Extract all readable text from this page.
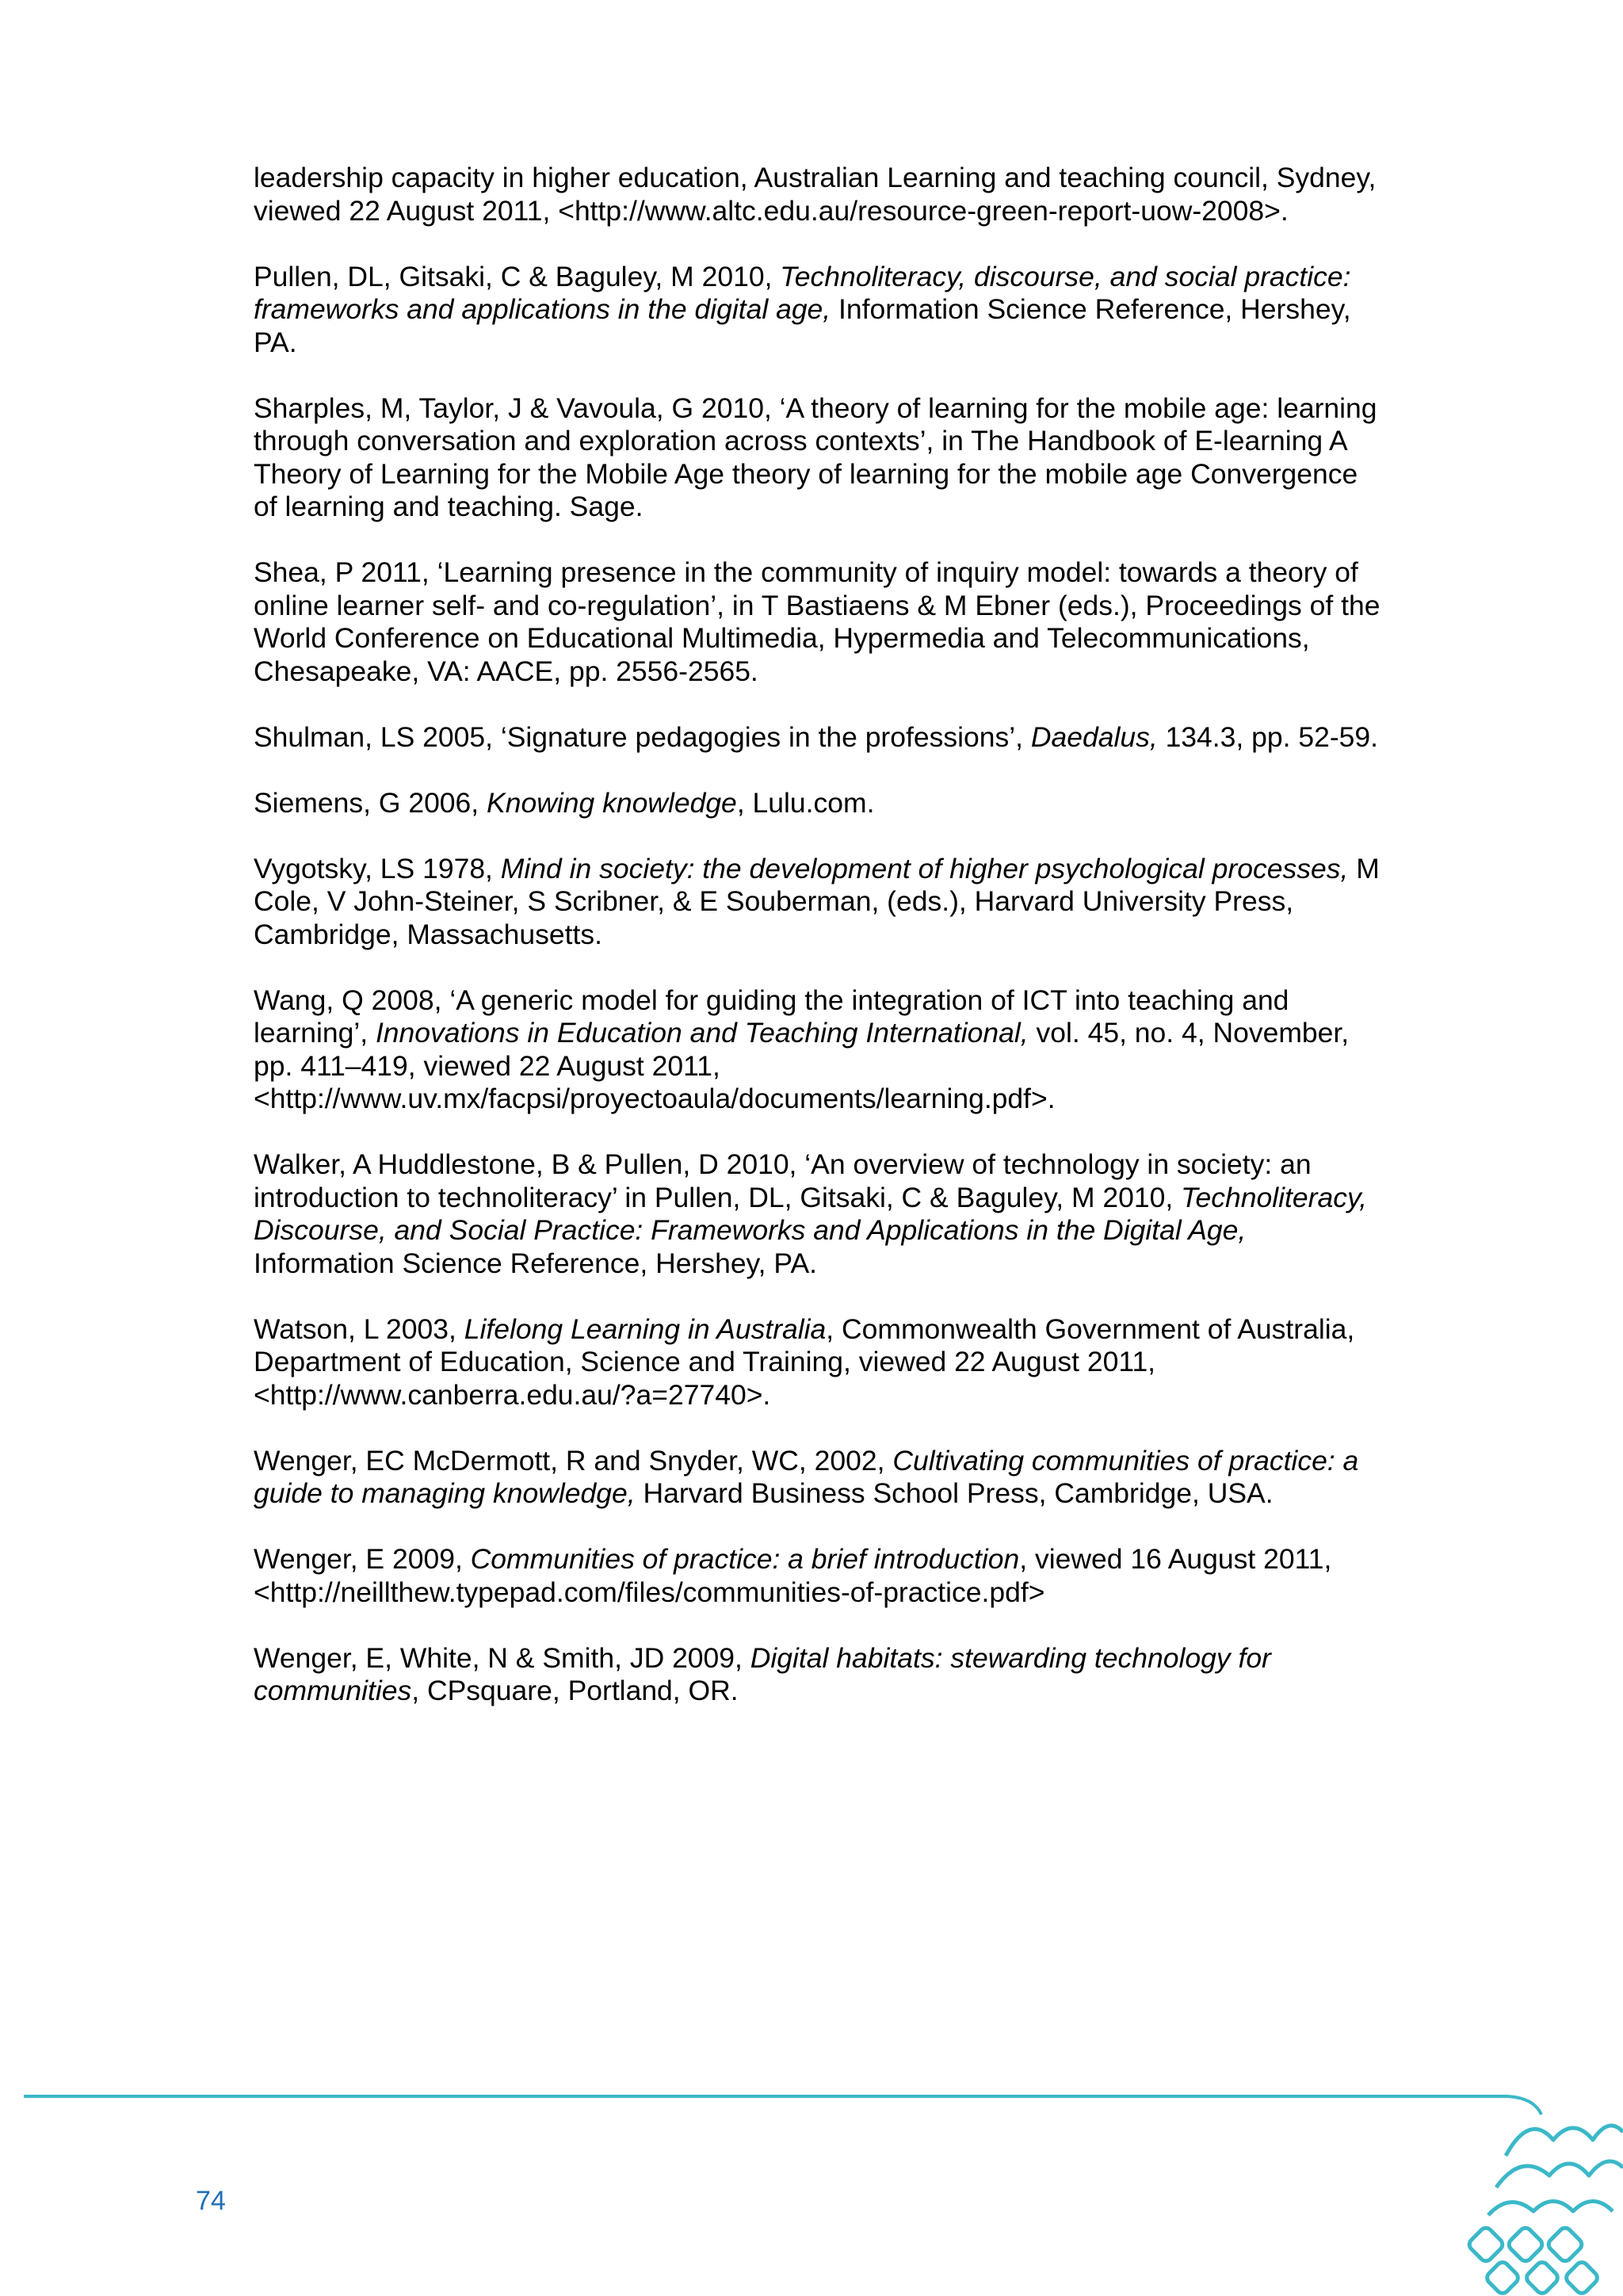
leadership capacity in higher education, Australian Learning and teaching council, Sydney, viewed 22 August 2011, <http://www.altc.edu.au/resource-green-report-uow-2008>.

Pullen, DL, Gitsaki, C & Baguley, M 2010, Technoliteracy, discourse, and social practice: frameworks and applications in the digital age, Information Science Reference, Hershey, PA.

Sharples, M, Taylor, J & Vavoula, G 2010, ‘A theory of learning for the mobile age: learning through conversation and exploration across contexts’, in The Handbook of E-learning A Theory of Learning for the Mobile Age theory of learning for the mobile age Convergence of learning and teaching. Sage.

Shea, P 2011, ‘Learning presence in the community of inquiry model: towards a theory of online learner self- and co-regulation’, in T Bastiaens & M Ebner (eds.), Proceedings of the World Conference on Educational Multimedia, Hypermedia and Telecommunications, Chesapeake, VA: AACE, pp. 2556-2565.

Shulman, LS 2005, ‘Signature pedagogies in the professions’, Daedalus, 134.3, pp. 52-59.

Siemens, G 2006, Knowing knowledge, Lulu.com.

Vygotsky, LS 1978, Mind in society: the development of higher psychological processes, M Cole, V John-Steiner, S Scribner, & E Souberman, (eds.), Harvard University Press, Cambridge, Massachusetts.

Wang, Q 2008, ‘A generic model for guiding the integration of ICT into teaching and learning’, Innovations in Education and Teaching International, vol. 45, no. 4, November, pp. 411–419, viewed 22 August 2011, <http://www.uv.mx/facpsi/proyectoaula/documents/learning.pdf>.

Walker, A Huddlestone, B & Pullen, D 2010, ‘An overview of technology in society: an introduction to technoliteracy’ in Pullen, DL, Gitsaki, C & Baguley, M 2010, Technoliteracy, Discourse, and Social Practice: Frameworks and Applications in the Digital Age, Information Science Reference, Hershey, PA.

Watson, L 2003, Lifelong Learning in Australia, Commonwealth Government of Australia, Department of Education, Science and Training, viewed 22 August 2011, <http://www.canberra.edu.au/?a=27740>.

Wenger, EC McDermott, R and Snyder, WC, 2002, Cultivating communities of practice: a guide to managing knowledge, Harvard Business School Press, Cambridge, USA.

Wenger, E 2009, Communities of practice: a brief introduction, viewed 16 August 2011, <http://neillthew.typepad.com/files/communities-of-practice.pdf>

Wenger, E, White, N & Smith, JD 2009, Digital habitats: stewarding technology for communities, CPsquare, Portland, OR.

74
